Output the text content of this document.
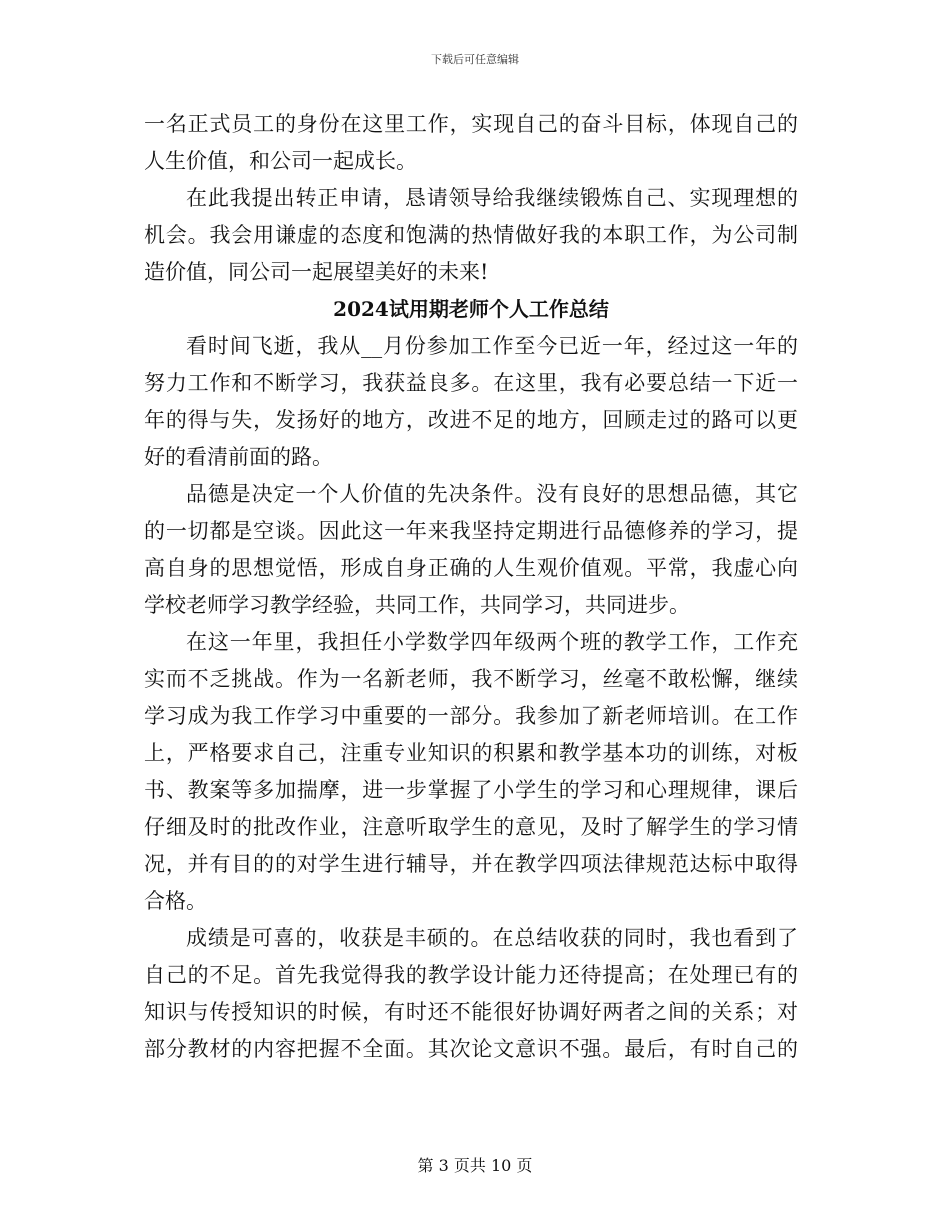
下载后可任意编辑
一名正式员工的身份在这里工作，实现自己的奋斗目标，体现自己的
人生价值，和公司一起成长。
在此我提出转正申请，恳请领导给我继续锻炼自己、实现理想的
机会。我会用谦虚的态度和饱满的热情做好我的本职工作，为公司制
造价值，同公司一起展望美好的未来!
2024试用期老师个人工作总结
看时间飞逝，我从__月份参加工作至今已近一年，经过这一年的
努力工作和不断学习，我获益良多。在这里，我有必要总结一下近一
年的得与失，发扬好的地方，改进不足的地方，回顾走过的路可以更
好的看清前面的路。
品德是决定一个人价值的先决条件。没有良好的思想品德，其它
的一切都是空谈。因此这一年来我坚持定期进行品德修养的学习，提
高自身的思想觉悟，形成自身正确的人生观价值观。平常，我虚心向
学校老师学习教学经验，共同工作，共同学习，共同进步。
在这一年里，我担任小学数学四年级两个班的教学工作，工作充
实而不乏挑战。作为一名新老师，我不断学习，丝毫不敢松懈，继续
学习成为我工作学习中重要的一部分。我参加了新老师培训。在工作
上，严格要求自己，注重专业知识的积累和教学基本功的训练，对板
书、教案等多加揣摩，进一步掌握了小学生的学习和心理规律，课后
仔细及时的批改作业，注意听取学生的意见，及时了解学生的学习情
况，并有目的的对学生进行辅导，并在教学四项法律规范达标中取得
合格。
成绩是可喜的，收获是丰硕的。在总结收获的同时，我也看到了
自己的不足。首先我觉得我的教学设计能力还待提高；在处理已有的
知识与传授知识的时候，有时还不能很好协调好两者之间的关系；对
部分教材的内容把握不全面。其次论文意识不强。最后，有时自己的
第 3 页共 10 页
